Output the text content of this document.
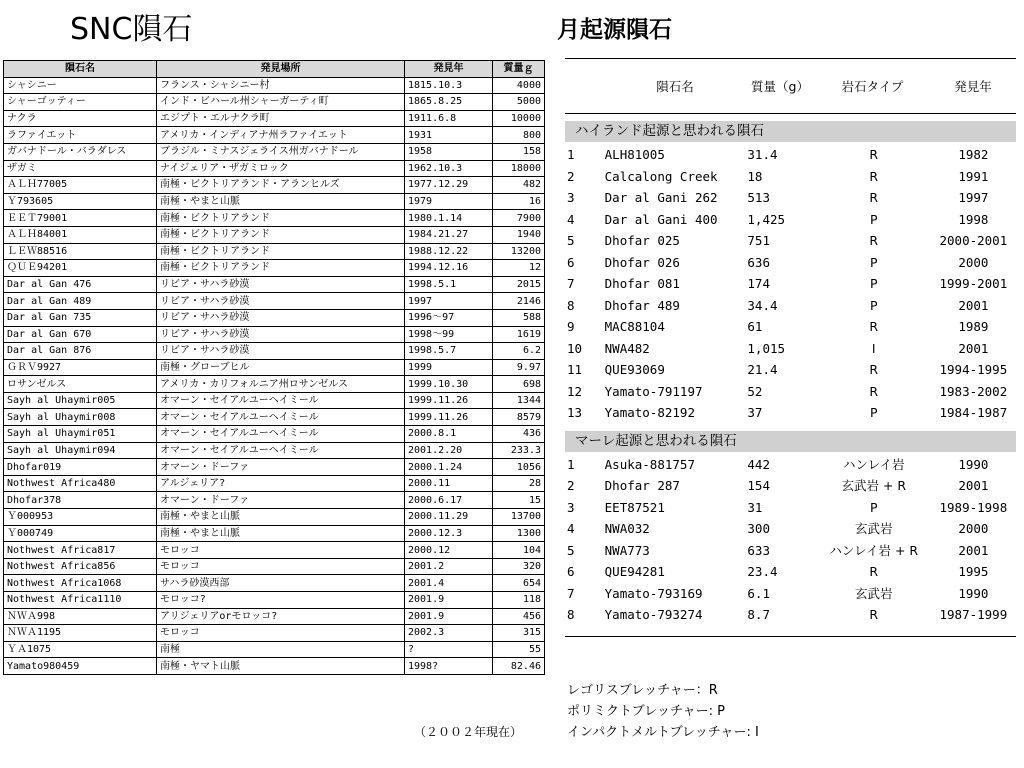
SNC隕石	月起源隕石
隕石名	発見場所	発見年	質量ｇ
シャシニー	フランス・シャシニー村	1815.10.3	4000
シャーゴッティー	インド・ビハール州シャーガーティ町	1865.8.25	5000
ナクラ	エジプト・エルナクラ町	1911.6.8	10000
ラファイエット	アメリカ・インディアナ州ラファイエット	1931	800
ガバナドール・バラダレス	ブラジル・ミナスジェライス州ガバナドール	1958	158
ザガミ	ナイジェリア・ザガミロック	1962.10.3	18000
ＡＬＨ77005	南極・ビクトリアランド・アランヒルズ	1977.12.29	482
Ｙ793605	南極・やまと山脈	1979	16
ＥＥＴ79001	南極・ビクトリアランド	1980.1.14	7900
ＡＬＨ84001	南極・ビクトリアランド	1984.21.27	1940
ＬＥＷ88516	南極・ビクトリアランド	1988.12.22	13200
ＱＵＥ94201	南極・ビクトリアランド	1994.12.16	12
Dar al Gan 476	リビア・サハラ砂漠	1998.5.1	2015
Dar al Gan 489	リビア・サハラ砂漠	1997	2146
Dar al Gan 735	リビア・サハラ砂漠	1996～97	588
Dar al Gan 670	リビア・サハラ砂漠	1998～99	1619
Dar al Gan 876	リビア・サハラ砂漠	1998.5.7	6.2
ＧＲＶ9927	南極・グローブヒル	1999	9.97
ロサンゼルス	アメリカ・カリフォルニア州ロサンゼルス	1999.10.30	698
Sayh al Uhaymir005	オマーン・セイアルユーヘイミール	1999.11.26	1344
Sayh al Uhaymir008	オマーン・セイアルユーヘイミール	1999.11.26	8579
Sayh al Uhaymir051	オマーン・セイアルユーヘイミール	2000.8.1	436
Sayh al Uhaymir094	オマーン・セイアルユーヘイミール	2001.2.20	233.3
Dhofar019	オマーン・ドーファ	2000.1.24	1056
Nothwest Africa480	アルジェリア?	2000.11	28
Dhofar378	オマーン・ドーファ	2000.6.17	15
Ｙ000953	南極・やまと山脈	2000.11.29	13700
Ｙ000749	南極・やまと山脈	2000.12.3	1300
Nothwest Africa817	モロッコ	2000.12	104
Nothwest Africa856	モロッコ	2001.2	320
Nothwest Africa1068	サハラ砂漠西部	2001.4	654
Nothwest Africa1110	モロッコ?	2001.9	118
ＮＷＡ998	アリジェリアorモロッコ?	2001.9	456
ＮＷＡ1195	モロッコ	2002.3	315
ＹＡ1075	南極	?	55
Yamato980459	南極・ヤマト山脈	1998?	82.46
（２００２年現在）
隕石名	質量（g）	岩石タイプ	発見年
ハイランド起源と思われる隕石
1	ALH81005	31.4	R	1982
2	Calcalong Creek	18	R	1991
3	Dar al Gani 262	513	R	1997
4	Dar al Gani 400	1,425	P	1998
5	Dhofar 025	751	R	2000-2001
6	Dhofar 026	636	P	2000
7	Dhofar 081	174	P	1999-2001
8	Dhofar 489	34.4	P	2001
9	MAC88104	61	R	1989
10	NWA482	1,015	I	2001
11	QUE93069	21.4	R	1994-1995
12	Yamato-791197	52	R	1983-2002
13	Yamato-82192	37	P	1984-1987
マーレ起源と思われる隕石
1	Asuka-881757	442	ハンレイ岩	1990
2	Dhofar 287	154	玄武岩 + R	2001
3	EET87521	31	P	1989-1998
4	NWA032	300	玄武岩	2000
5	NWA773	633	ハンレイ岩 + R	2001
6	QUE94281	23.4	R	1995
7	Yamato-793169	6.1	玄武岩	1990
8	Yamato-793274	8.7	R	1987-1999
レゴリスブレッチャー：R
ポリミクトブレッチャー: P
インパクトメルトブレッチャー: I
